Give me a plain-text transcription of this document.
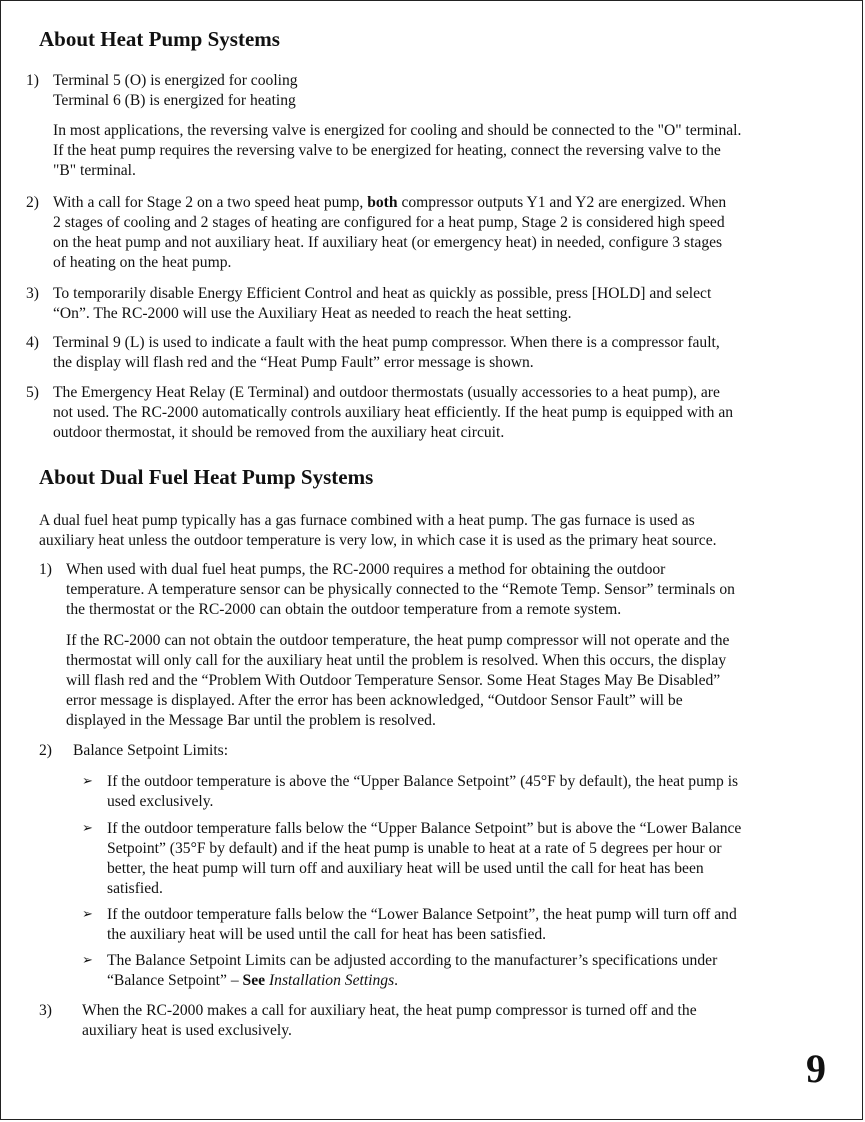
About Heat Pump Systems
1) Terminal 5 (O) is energized for cooling
Terminal 6 (B) is energized for heating
In most applications, the reversing valve is energized for cooling and should be connected to the "O" terminal.
If the heat pump requires the reversing valve to be energized for heating, connect the reversing valve to the
"B" terminal.
2) With a call for Stage 2 on a two speed heat pump, both compressor outputs Y1 and Y2 are energized. When
2 stages of cooling and 2 stages of heating are configured for a heat pump, Stage 2 is considered high speed
on the heat pump and not auxiliary heat. If auxiliary heat (or emergency heat) in needed, configure 3 stages
of heating on the heat pump.
3) To temporarily disable Energy Efficient Control and heat as quickly as possible, press [HOLD] and select
“On”. The RC-2000 will use the Auxiliary Heat as needed to reach the heat setting.
4) Terminal 9 (L) is used to indicate a fault with the heat pump compressor. When there is a compressor fault,
the display will flash red and the “Heat Pump Fault” error message is shown.
5) The Emergency Heat Relay (E Terminal) and outdoor thermostats (usually accessories to a heat pump), are
not used. The RC-2000 automatically controls auxiliary heat efficiently. If the heat pump is equipped with an
outdoor thermostat, it should be removed from the auxiliary heat circuit.
About Dual Fuel Heat Pump Systems
A dual fuel heat pump typically has a gas furnace combined with a heat pump. The gas furnace is used as
auxiliary heat unless the outdoor temperature is very low, in which case it is used as the primary heat source.
1) When used with dual fuel heat pumps, the RC-2000 requires a method for obtaining the outdoor
temperature. A temperature sensor can be physically connected to the “Remote Temp. Sensor” terminals on
the thermostat or the RC-2000 can obtain the outdoor temperature from a remote system.
If the RC-2000 can not obtain the outdoor temperature, the heat pump compressor will not operate and the
thermostat will only call for the auxiliary heat until the problem is resolved. When this occurs, the display
will flash red and the “Problem With Outdoor Temperature Sensor. Some Heat Stages May Be Disabled”
error message is displayed. After the error has been acknowledged, “Outdoor Sensor Fault” will be
displayed in the Message Bar until the problem is resolved.
2) Balance Setpoint Limits:
➢ If the outdoor temperature is above the “Upper Balance Setpoint” (45°F by default), the heat pump is
used exclusively.
➢ If the outdoor temperature falls below the “Upper Balance Setpoint” but is above the “Lower Balance
Setpoint” (35°F by default) and if the heat pump is unable to heat at a rate of 5 degrees per hour or
better, the heat pump will turn off and auxiliary heat will be used until the call for heat has been
satisfied.
➢ If the outdoor temperature falls below the “Lower Balance Setpoint”, the heat pump will turn off and
the auxiliary heat will be used until the call for heat has been satisfied.
➢ The Balance Setpoint Limits can be adjusted according to the manufacturer’s specifications under
“Balance Setpoint” – See Installation Settings.
3) When the RC-2000 makes a call for auxiliary heat, the heat pump compressor is turned off and the
auxiliary heat is used exclusively.
9
